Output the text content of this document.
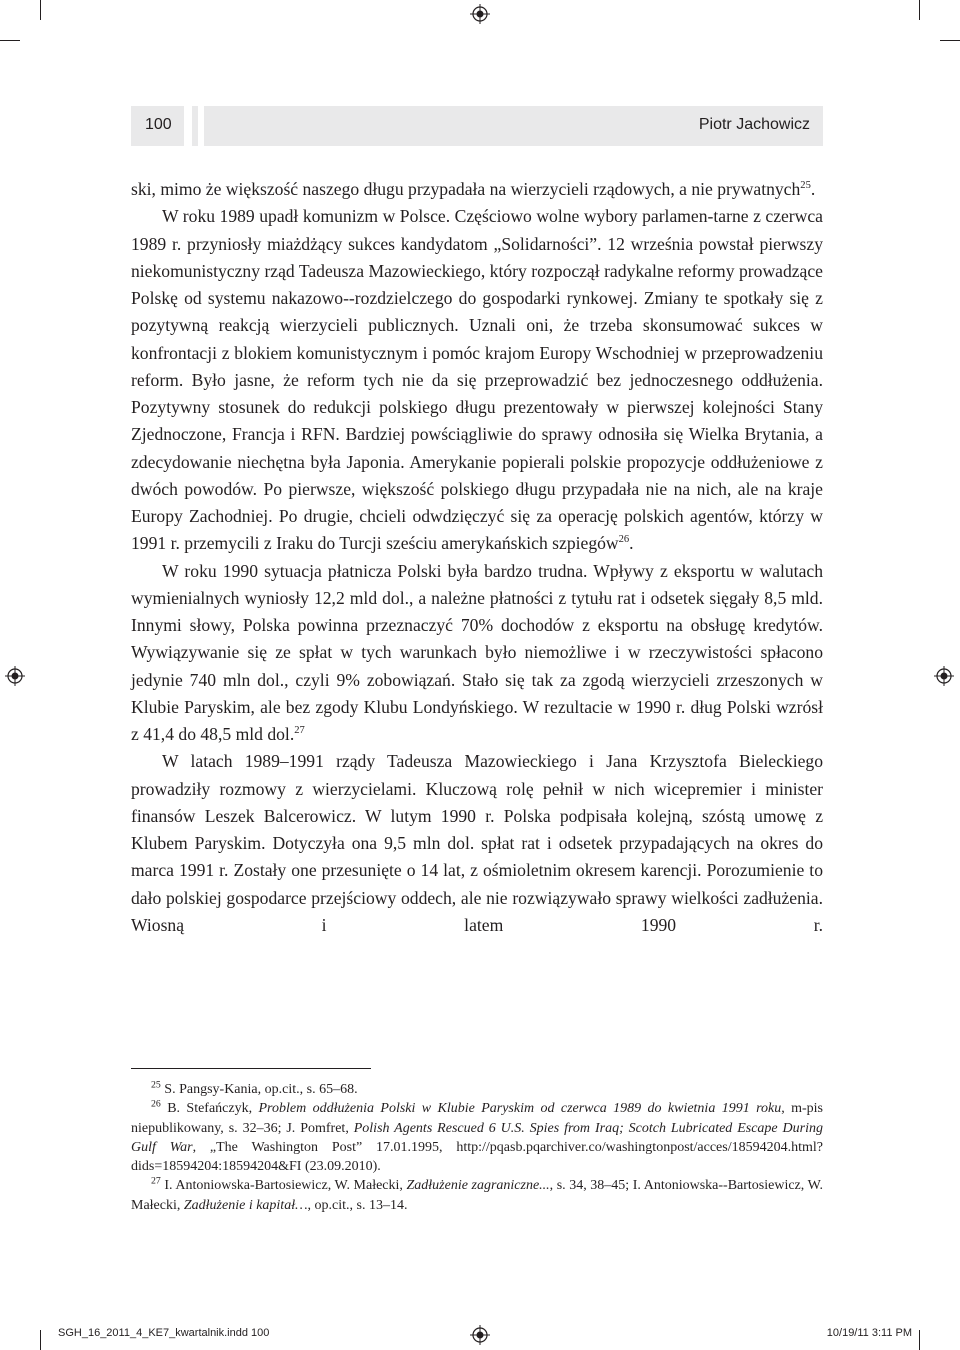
100	Piotr Jachowicz

ski, mimo że większość naszego długu przypadała na wierzycieli rządowych, a nie prywatnych$^{25}$.

W roku 1989 upadł komunizm w Polsce. Częściowo wolne wybory parlamen-tarne z czerwca 1989 r. przyniosły miażdżący sukces kandydatom „Solidarności”. 12 września powstał pierwszy niekomunistyczny rząd Tadeusza Mazowieckiego, który rozpoczął radykalne reformy prowadzące Polskę od systemu nakazowo--rozdzielczego do gospodarki rynkowej. Zmiany te spotkały się z pozytywną reakcją wierzycieli publicznych. Uznali oni, że trzeba skonsumować sukces w konfrontacji z blokiem komunistycznym i pomóc krajom Europy Wschodniej w przeprowadzeniu reform. Było jasne, że reform tych nie da się przeprowadzić bez jednoczesnego oddłużenia. Pozytywny stosunek do redukcji polskiego długu prezentowały w pierwszej kolejności Stany Zjednoczone, Francja i RFN. Bardziej powściągliwie do sprawy odnosiła się Wielka Brytania, a zdecydowanie niechętna była Japonia. Amerykanie popierali polskie propozycje oddłużeniowe z dwóch powodów. Po pierwsze, większość polskiego długu przypadała nie na nich, ale na kraje Europy Zachodniej. Po drugie, chcieli odwdzięczyć się za operację polskich agentów, którzy w 1991 r. przemycili z Iraku do Turcji sześciu amerykańskich szpiegów$^{26}$.

W roku 1990 sytuacja płatnicza Polski była bardzo trudna. Wpływy z eksportu w walutach wymienialnych wyniosły 12,2 mld dol., a należne płatności z tytułu rat i odsetek sięgały 8,5 mld. Innymi słowy, Polska powinna przeznaczyć 70% dochodów z eksportu na obsługę kredytów. Wywiązywanie się ze spłat w tych warunkach było niemożliwe i w rzeczywistości spłacono jedynie 740 mln dol., czyli 9% zobowiązań. Stało się tak za zgodą wierzycieli zrzeszonych w Klubie Paryskim, ale bez zgody Klubu Londyńskiego. W rezultacie w 1990 r. dług Polski wzrósł z 41,4 do 48,5 mld dol.$^{27}$

W latach 1989–1991 rządy Tadeusza Mazowieckiego i Jana Krzysztofa Bieleckiego prowadziły rozmowy z wierzycielami. Kluczową rolę pełnił w nich wicepremier i minister finansów Leszek Balcerowicz. W lutym 1990 r. Polska podpisała kolejną, szóstą umowę z Klubem Paryskim. Dotyczyła ona 9,5 mln dol. spłat rat i odsetek przypadających na okres do marca 1991 r. Zostały one przesunięte o 14 lat, z ośmioletnim okresem karencji. Porozumienie to dało polskiej gospodarce przejściowy oddech, ale nie rozwiązywało sprawy wielkości zadłużenia. Wiosną i latem 1990 r.

$^{25}$ S. Pangsy-Kania, op.cit., s. 65–68.

$^{26}$ B. Stefańczyk, Problem oddłużenia Polski w Klubie Paryskim od czerwca 1989 do kwietnia 1991 roku, m-pis niepublikowany, s. 32–36; J. Pomfret, Polish Agents Rescued 6 U.S. Spies from Iraq; Scotch Lubricated Escape During Gulf War, „The Washington Post” 17.01.1995, http://pqasb.pqarchiver.co/washingtonpost/acces/18594204.html?dids=18594204:18594204&FI (23.09.2010).

$^{27}$ I. Antoniowska-Bartosiewicz, W. Małecki, Zadłużenie zagraniczne..., s. 34, 38–45; I. Antoniowska--Bartosiewicz, W. Małecki, Zadłużenie i kapitał…, op.cit., s. 13–14.

SGH_16_2011_4_KE7_kwartalnik.indd 100	10/19/11 3:11 PM
